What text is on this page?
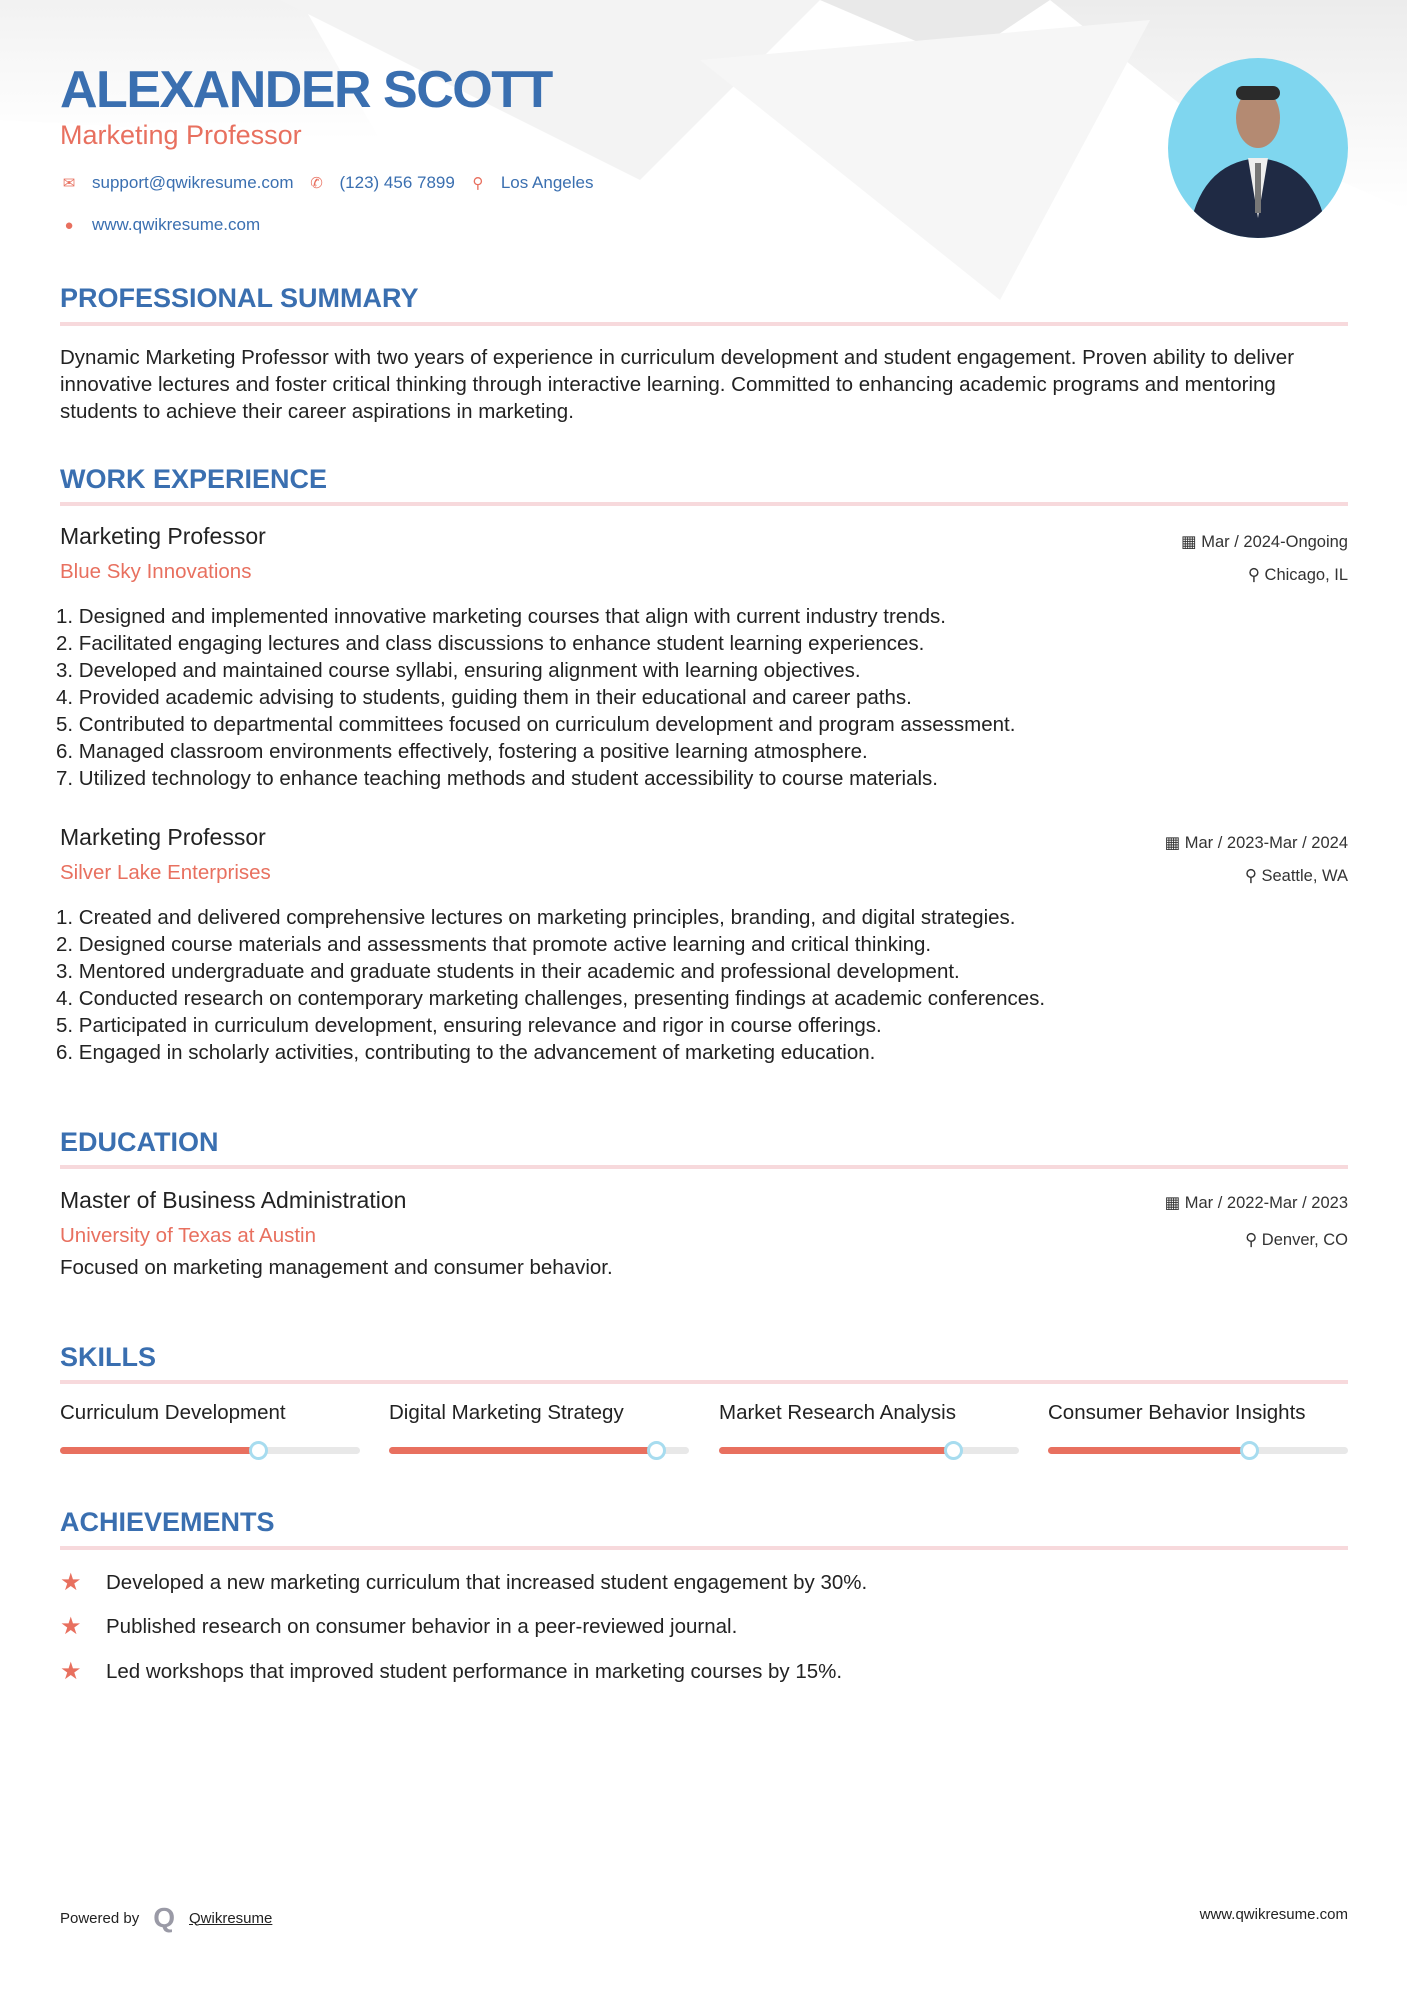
ALEXANDER SCOTT
Marketing Professor
✉ support@qwikresume.com ✆ (123) 456 7899 ⚲ Los Angeles
● www.qwikresume.com
PROFESSIONAL SUMMARY
Dynamic Marketing Professor with two years of experience in curriculum development and student engagement. Proven ability to deliver innovative lectures and foster critical thinking through interactive learning. Committed to enhancing academic programs and mentoring students to achieve their career aspirations in marketing.
WORK EXPERIENCE
Marketing Professor
Blue Sky Innovations
▦ Mar / 2024-Ongoing
⚲ Chicago, IL
1. Designed and implemented innovative marketing courses that align with current industry trends.
2. Facilitated engaging lectures and class discussions to enhance student learning experiences.
3. Developed and maintained course syllabi, ensuring alignment with learning objectives.
4. Provided academic advising to students, guiding them in their educational and career paths.
5. Contributed to departmental committees focused on curriculum development and program assessment.
6. Managed classroom environments effectively, fostering a positive learning atmosphere.
7. Utilized technology to enhance teaching methods and student accessibility to course materials.
Marketing Professor
Silver Lake Enterprises
▦ Mar / 2023-Mar / 2024
⚲ Seattle, WA
1. Created and delivered comprehensive lectures on marketing principles, branding, and digital strategies.
2. Designed course materials and assessments that promote active learning and critical thinking.
3. Mentored undergraduate and graduate students in their academic and professional development.
4. Conducted research on contemporary marketing challenges, presenting findings at academic conferences.
5. Participated in curriculum development, ensuring relevance and rigor in course offerings.
6. Engaged in scholarly activities, contributing to the advancement of marketing education.
EDUCATION
Master of Business Administration
University of Texas at Austin
▦ Mar / 2022-Mar / 2023
⚲ Denver, CO
Focused on marketing management and consumer behavior.
SKILLS
Curriculum Development	Digital Marketing Strategy	Market Research Analysis	Consumer Behavior Insights
ACHIEVEMENTS
★	Developed a new marketing curriculum that increased student engagement by 30%.
★	Published research on consumer behavior in a peer-reviewed journal.
★	Led workshops that improved student performance in marketing courses by 15%.
Powered by Q Qwikresume	www.qwikresume.com
